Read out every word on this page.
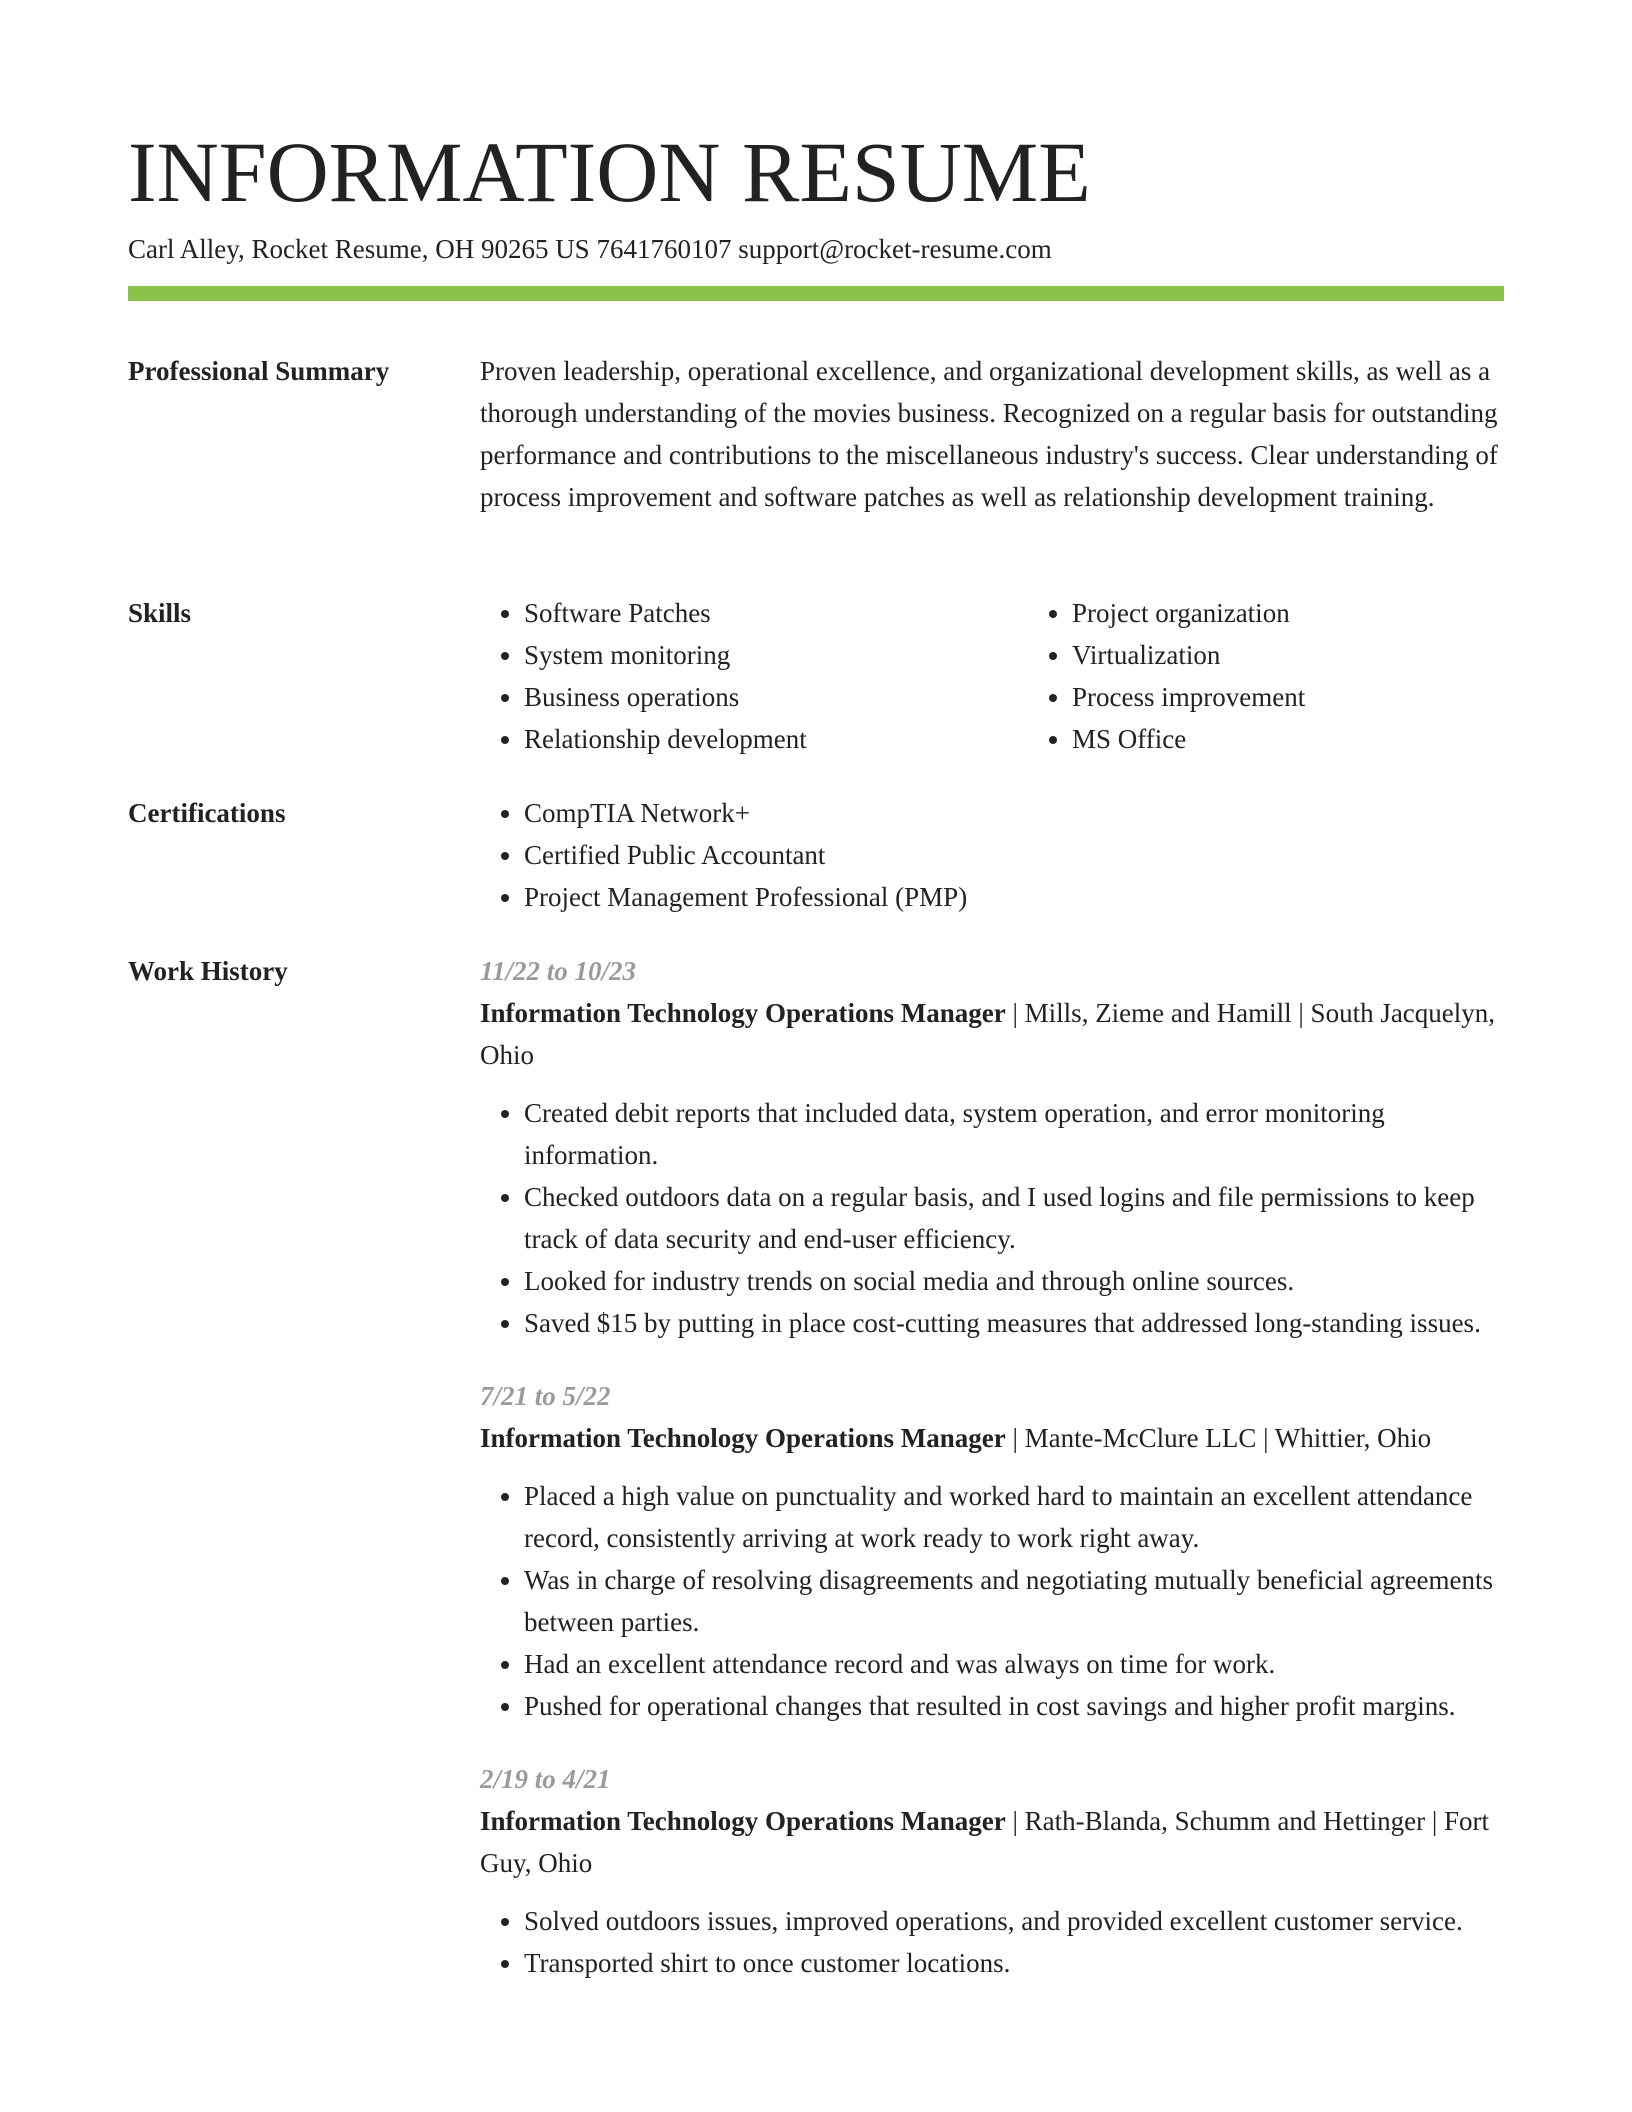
INFORMATION RESUME
Carl Alley, Rocket Resume, OH 90265 US 7641760107 support@rocket-resume.com
Professional Summary	Proven leadership, operational excellence, and organizational development skills, as well as a thorough understanding of the movies business. Recognized on a regular basis for outstanding performance and contributions to the miscellaneous industry's success. Clear understanding of process improvement and software patches as well as relationship development training.

Skills	• Software Patches
• System monitoring
• Business operations
• Relationship development
• Project organization
• Virtualization
• Process improvement
• MS Office
Certifications	• CompTIA Network+
• Certified Public Accountant
• Project Management Professional (PMP)
Work History	11/22 to 10/23
Information Technology Operations Manager | Mills, Zieme and Hamill | South Jacquelyn, Ohio
• Created debit reports that included data, system operation, and error monitoring information.
• Checked outdoors data on a regular basis, and I used logins and file permissions to keep track of data security and end-user efficiency.
• Looked for industry trends on social media and through online sources.
• Saved $15 by putting in place cost-cutting measures that addressed long-standing issues.
7/21 to 5/22
Information Technology Operations Manager | Mante-McClure LLC | Whittier, Ohio
• Placed a high value on punctuality and worked hard to maintain an excellent attendance record, consistently arriving at work ready to work right away.
• Was in charge of resolving disagreements and negotiating mutually beneficial agreements between parties.
• Had an excellent attendance record and was always on time for work.
• Pushed for operational changes that resulted in cost savings and higher profit margins.
2/19 to 4/21
Information Technology Operations Manager | Rath-Blanda, Schumm and Hettinger | Fort Guy, Ohio
• Solved outdoors issues, improved operations, and provided excellent customer service.
• Transported shirt to once customer locations.
